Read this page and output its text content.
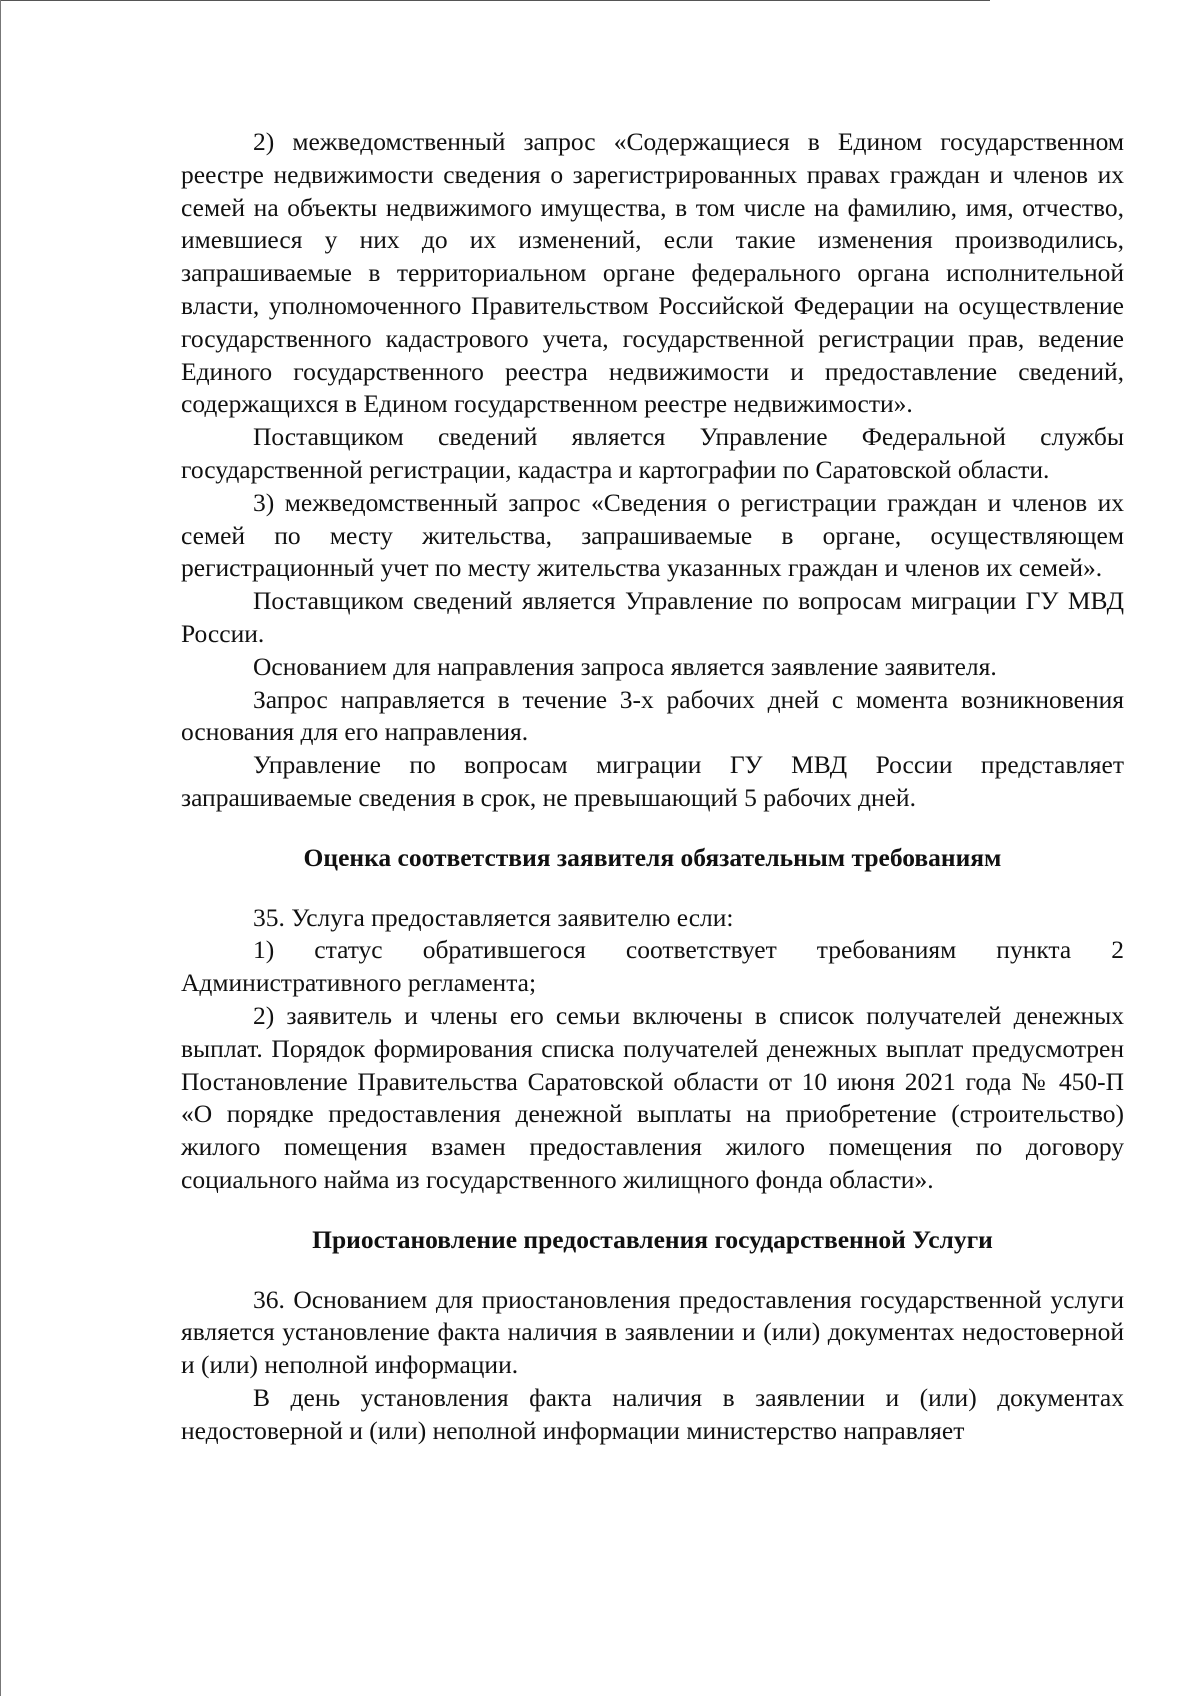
2) межведомственный запрос «Содержащиеся в Едином государственном реестре недвижимости сведения о зарегистрированных правах граждан и членов их семей на объекты недвижимого имущества, в том числе на фамилию, имя, отчество, имевшиеся у них до их изменений, если такие изменения производились, запрашиваемые в территориальном органе федерального органа исполнительной власти, уполномоченного Правительством Российской Федерации на осуществление государственного кадастрового учета, государственной регистрации прав, ведение Единого государственного реестра недвижимости и предоставление сведений, содержащихся в Едином государственном реестре недвижимости».

Поставщиком сведений является Управление Федеральной службы государственной регистрации, кадастра и картографии по Саратовской области.

3) межведомственный запрос «Сведения о регистрации граждан и членов их семей по месту жительства, запрашиваемые в органе, осуществляющем регистрационный учет по месту жительства указанных граждан и членов их семей».

Поставщиком сведений является Управление по вопросам миграции ГУ МВД России.

Основанием для направления запроса является заявление заявителя.

Запрос направляется в течение 3-х рабочих дней с момента возникновения основания для его направления.

Управление по вопросам миграции ГУ МВД России представляет запрашиваемые сведения в срок, не превышающий 5 рабочих дней.

Оценка соответствия заявителя обязательным требованиям

35. Услуга предоставляется заявителю если:

1) статус обратившегося соответствует требованиям пункта 2 Административного регламента;

2) заявитель и члены его семьи включены в список получателей денежных выплат. Порядок формирования списка получателей денежных выплат предусмотрен Постановление Правительства Саратовской области от 10 июня 2021 года № 450-П «О порядке предоставления денежной выплаты на приобретение (строительство) жилого помещения взамен предоставления жилого помещения по договору социального найма из государственного жилищного фонда области».

Приостановление предоставления государственной Услуги

36. Основанием для приостановления предоставления государственной услуги является установление факта наличия в заявлении и (или) документах недостоверной и (или) неполной информации.

В день установления факта наличия в заявлении и (или) документах недостоверной и (или) неполной информации министерство направляет
